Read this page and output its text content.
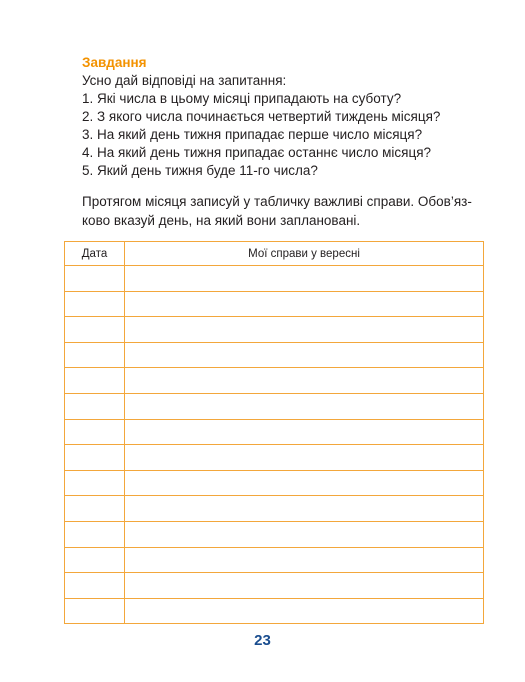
Завдання

Усно дай відповіді на запитання:

1. Які числа в цьому місяці припадають на суботу?
2. З якого числа починається четвертий тиждень місяця?
3. На який день тижня припадає перше число місяця?
4. На який день тижня припадає останнє число місяця?
5. Який день тижня буде 11-го числа?

Протягом місяця записуй у табличку важливі справи. Обов’яз-
ково вказуй день, на який вони заплановані.

Дата	Мої справи у вересні

23
